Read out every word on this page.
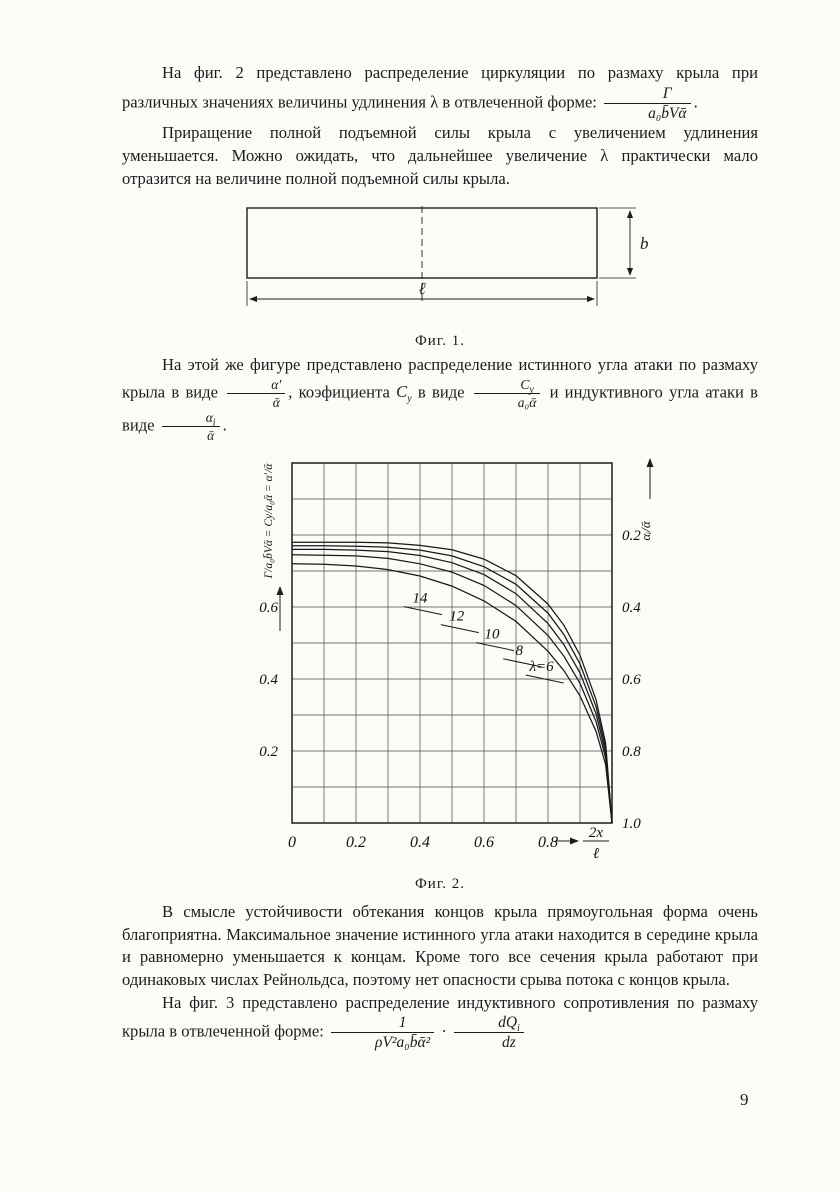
На фиг. 2 представлено распределение циркуляции по размаху крыла при различных значениях величины удлинения λ в отвлеченной форме: $\frac{\Gamma}{\text{a₀b̄Vᾱ}}$ .

Приращение полной подъемной силы крыла с увеличением удлинения уменьшается. Можно ожидать, что дальнейшее увеличение λ практически мало отразится на величине полной подъемной силы крыла.

b
ℓ
Фиг. 1.

На этой же фигуре представлено распределение истинного угла атаки по размаху крыла в виде $\frac{\alpha'}{\text{ᾱ}}$ , коэфициента $C_y$ в виде $\frac{C_y}{\text{a₀ᾱ}}$ и индуктивного угла атаки в виде $\frac{\alpha_i}{\text{ᾱ}}$ .

14
12
10
8
λ=6
0.6
0.4
0.2
0.2
0.4
0.6
0.8
1.0
0	0.2	0.4	0.6	0.8
Γ/a₀b̄Vᾱ = Cy/a₀ᾱ = α′/ᾱ	αᵢ/ᾱ
2x
ℓ
Фиг. 2.

В смысле устойчивости обтекания концов крыла прямоугольная форма очень благоприятна. Максимальное значение истинного угла атаки находится в середине крыла и равномерно уменьшается к концам. Кроме того все сечения крыла работают при одинаковых числах Рейнольдса, поэтому нет опасности срыва потока с концов крыла.

На фиг. 3 представлено распределение индуктивного сопротивления по размаху крыла в отвлеченной форме: $\frac{1}{\text{ρV²a₀b̄ᾱ²}} \cdot \frac{dQ_i}{dz}$

9
